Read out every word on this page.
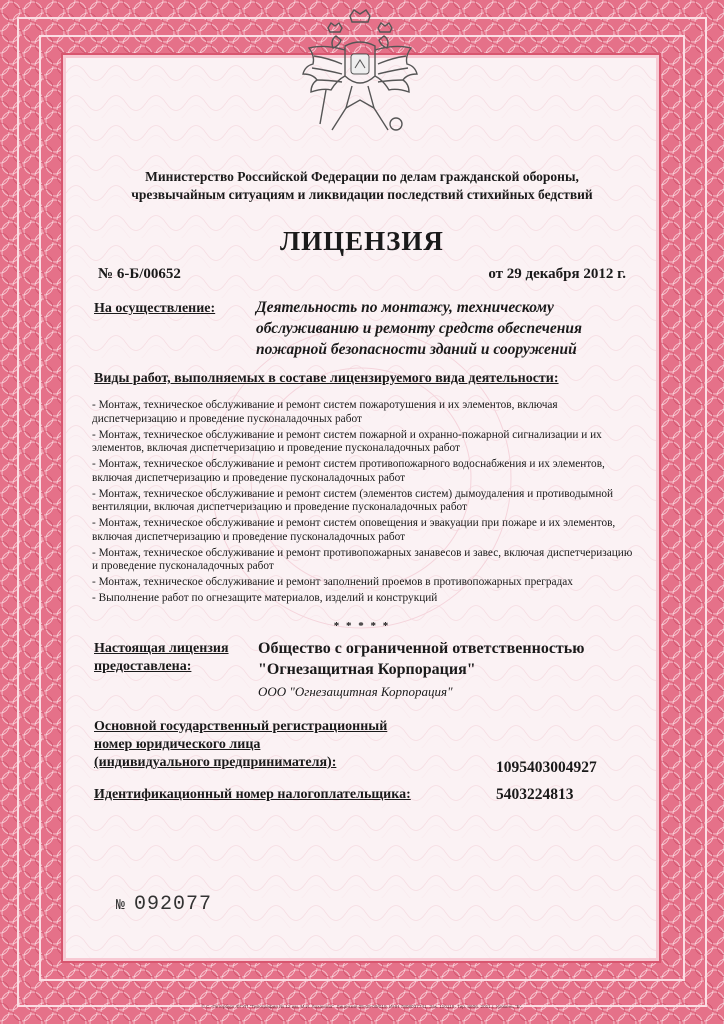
Министерство Российской Федерации по делам гражданской обороны,
чрезвычайным ситуациям и ликвидации последствий стихийных бедствий
ЛИЦЕНЗИЯ
№ 6-Б/00652	от 29 декабря 2012 г.
На осуществление:	Деятельность по монтажу, техническому обслуживанию и ремонту средств обеспечения пожарной безопасности зданий и сооружений
Виды работ, выполняемых в составе лицензируемого вида деятельности:
- Монтаж, техническое обслуживание и ремонт систем пожаротушения и их элементов, включая диспетчеризацию и проведение пусконаладочных работ
- Монтаж, техническое обслуживание и ремонт систем пожарной и охранно-пожарной сигнализации и их элементов, включая диспетчеризацию и проведение пусконаладочных работ
- Монтаж, техническое обслуживание и ремонт систем противопожарного водоснабжения и их элементов, включая диспетчеризацию и проведение пусконаладочных работ
- Монтаж, техническое обслуживание и ремонт систем (элементов систем) дымоудаления и противодымной вентиляции, включая диспетчеризацию и проведение пусконаладочных работ
- Монтаж, техническое обслуживание и ремонт систем оповещения и эвакуации при пожаре и их элементов, включая диспетчеризацию и проведение пусконаладочных работ
- Монтаж, техническое обслуживание и ремонт противопожарных занавесов и завес, включая диспетчеризацию и проведение пусконаладочных работ
- Монтаж, техническое обслуживание и ремонт заполнений проемов в противопожарных преградах
- Выполнение работ по огнезащите материалов, изделий и конструкций
* * * * *
Настоящая лицензия
предоставлена:
Общество с ограниченной ответственностью
"Огнезащитная Корпорация"
ООО "Огнезащитная Корпорация"
Основной государственный регистрационный
номер юридического лица
(индивидуального предпринимателя):	1095403004927
Идентификационный номер налогоплательщика:	5403224813
№ 092077
© С.-Петербург ФГУП "Типография № 12 им. М.И. Лоханова". Лицензия 05-05-09/019. ИНН 7808037741. Зак. 110119. Тир. 8606. 2011 г. Уровень "Б".
